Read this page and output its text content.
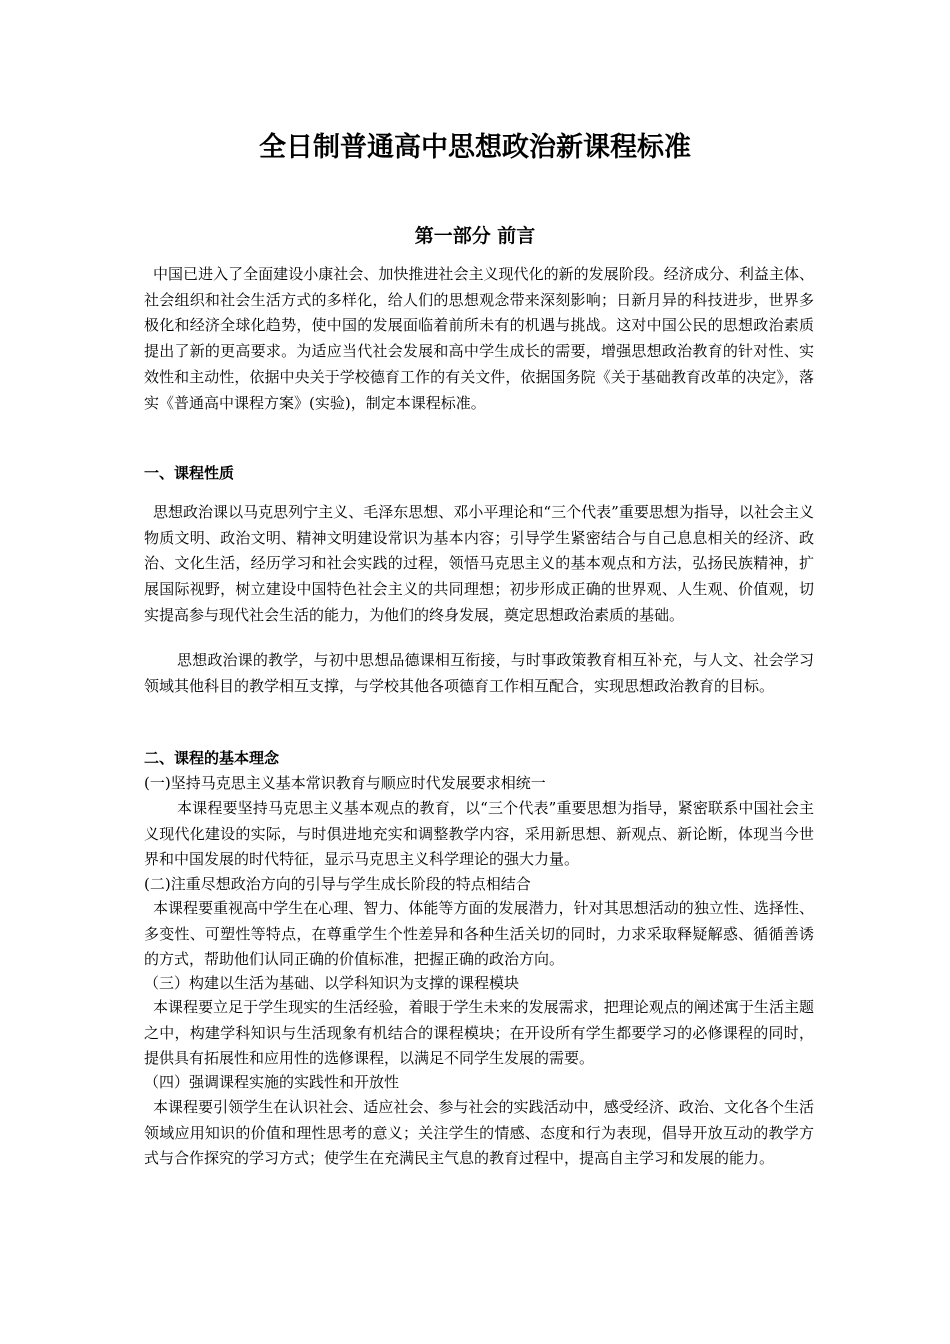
全日制普通高中思想政治新课程标准
第一部分 前言

中国已进入了全面建设小康社会、加快推进社会主义现代化的新的发展阶段。经济成分、利益主体、社会组织和社会生活方式的多样化，给人们的思想观念带来深刻影响；日新月异的科技进步，世界多极化和经济全球化趋势，使中国的发展面临着前所未有的机遇与挑战。这对中国公民的思想政治素质提出了新的更高要求。为适应当代社会发展和高中学生成长的需要，增强思想政治教育的针对性、实效性和主动性，依据中央关于学校德育工作的有关文件，依据国务院《关于基础教育改革的决定》，落实《普通高中课程方案》(实验)，制定本课程标准。

一、课程性质

思想政治课以马克思列宁主义、毛泽东思想、邓小平理论和“三个代表”重要思想为指导，以社会主义物质文明、政治文明、精神文明建设常识为基本内容；引导学生紧密结合与自己息息相关的经济、政治、文化生活，经历学习和社会实践的过程，领悟马克思主义的基本观点和方法，弘扬民族精神，扩展国际视野，树立建设中国特色社会主义的共同理想；初步形成正确的世界观、人生观、价值观，切实提高参与现代社会生活的能力，为他们的终身发展，奠定思想政治素质的基础。

思想政治课的教学，与初中思想品德课相互衔接，与时事政策教育相互补充，与人文、社会学习领域其他科目的教学相互支撑，与学校其他各项德育工作相互配合，实现思想政治教育的目标。

二、课程的基本理念
(一)坚持马克思主义基本常识教育与顺应时代发展要求相统一

本课程要坚持马克思主义基本观点的教育，以“三个代表”重要思想为指导，紧密联系中国社会主义现代化建设的实际，与时俱进地充实和调整教学内容，采用新思想、新观点、新论断，体现当今世界和中国发展的时代特征，显示马克思主义科学理论的强大力量。

(二)注重尽想政治方向的引导与学生成长阶段的特点相结合

本课程要重视高中学生在心理、智力、体能等方面的发展潜力，针对其思想活动的独立性、选择性、多变性、可塑性等特点，在尊重学生个性差异和各种生活关切的同时，力求采取释疑解惑、循循善诱的方式，帮助他们认同正确的价值标准，把握正确的政治方向。

（三）构建以生活为基础、以学科知识为支撑的课程模块

本课程要立足于学生现实的生活经验，着眼于学生未来的发展需求，把理论观点的阐述寓于生活主题之中，构建学科知识与生活现象有机结合的课程模块；在开设所有学生都要学习的必修课程的同时，提供具有拓展性和应用性的选修课程，以满足不同学生发展的需要。

（四）强调课程实施的实践性和开放性

本课程要引领学生在认识社会、适应社会、参与社会的实践活动中，感受经济、政治、文化各个生活领域应用知识的价值和理性思考的意义；关注学生的情感、态度和行为表现，倡导开放互动的教学方式与合作探究的学习方式；使学生在充满民主气息的教育过程中，提高自主学习和发展的能力。
